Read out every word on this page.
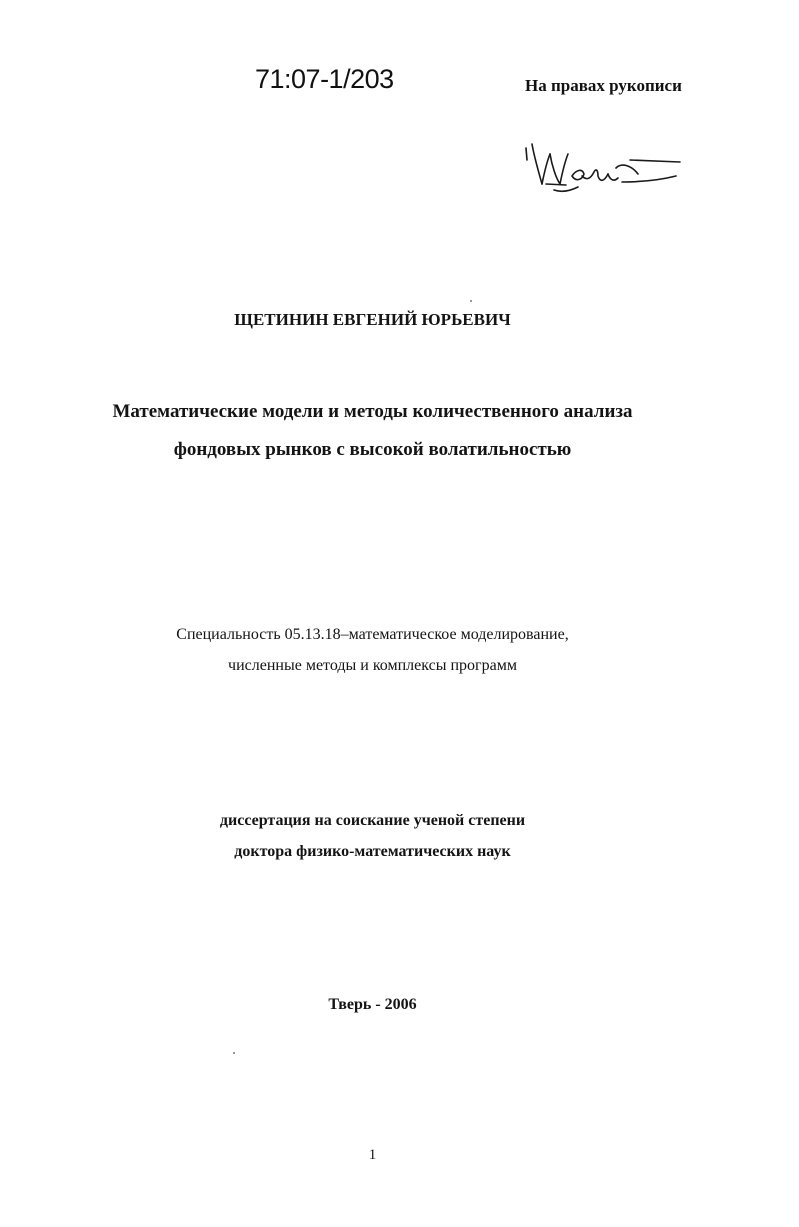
71:07-1/203	На правах рукописи
ЩЕТИНИН ЕВГЕНИЙ ЮРЬЕВИЧ
Математические модели и методы количественного анализа
фондовых рынков с высокой волатильностью
Специальность 05.13.18–математическое моделирование,
численные методы и комплексы программ
диссертация на соискание ученой степени
доктора физико-математических наук
Тверь - 2006
1
